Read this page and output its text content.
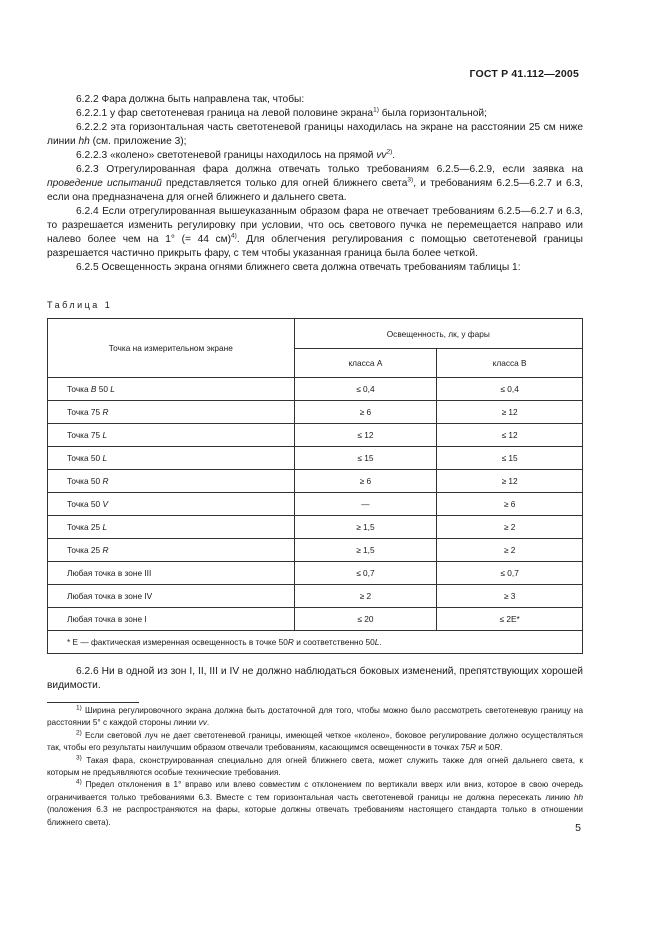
ГОСТ Р 41.112—2005

6.2.2 Фара должна быть направлена так, чтобы:

6.2.2.1 у фар светотеневая граница на левой половине экрана$^{1)}$ была горизонтальной;

6.2.2.2 эта горизонтальная часть светотеневой границы находилась на экране на расстоянии 25 см ниже линии hh (см. приложение 3);

6.2.2.3 «колено» светотеневой границы находилось на прямой $vv^{2)}$.

6.2.3 Отрегулированная фара должна отвечать только требованиям 6.2.5—6.2.9, если заявка на проведение испытаний представляется только для огней ближнего света$^{3)}$, и требованиям 6.2.5—6.2.7 и 6.3, если она предназначена для огней ближнего и дальнего света.

6.2.4 Если отрегулированная вышеуказанным образом фара не отвечает требованиям 6.2.5—6.2.7 и 6.3, то разрешается изменить регулировку при условии, что ось светового пучка не перемещается направо или налево более чем на 1° (= 44 см)$^{4)}$. Для облегчения регулирования с помощью светотеневой границы разрешается частично прикрыть фару, с тем чтобы указанная граница была более четкой.

6.2.5 Освещенность экрана огнями ближнего света должна отвечать требованиям таблицы 1:

Таблица 1
Точка на измерительном экране	Освещенность, лк, у фары	
	класса A	класса B
Точка B 50 L	≤ 0,4	≤ 0,4
Точка 75 R	≥ 6	≥ 12
Точка 75 L	≤ 12	≤ 12
Точка 50 L	≤ 15	≤ 15
Точка 50 R	≥ 6	≥ 12
Точка 50 V	—	≥ 6
Точка 25 L	≥ 1,5	≥ 2
Точка 25 R	≥ 1,5	≥ 2
Любая точка в зоне III	≤ 0,7	≤ 0,7
Любая точка в зоне IV	≥ 2	≥ 3
Любая точка в зоне I	≤ 20	≤ 2E*
* E — фактическая измеренная освещенность в точке 50R и соответственно 50L.		

6.2.6 Ни в одной из зон I, II, III и IV не должно наблюдаться боковых изменений, препятствующих хорошей видимости.

$^{1)}$ Ширина регулировочного экрана должна быть достаточной для того, чтобы можно было рассмотреть светотеневую границу на расстоянии 5° с каждой стороны линии vv.

$^{2)}$ Если световой луч не дает светотеневой границы, имеющей четкое «колено», боковое регулирование должно осуществляться так, чтобы его результаты наилучшим образом отвечали требованиям, касающимся освещенности в точках 75R и 50R.

$^{3)}$ Такая фара, сконструированная специально для огней ближнего света, может служить также для огней дальнего света, к которым не предъявляются особые технические требования.

$^{4)}$ Предел отклонения в 1° вправо или влево совместим с отклонением по вертикали вверх или вниз, которое в свою очередь ограничивается только требованиями 6.3. Вместе с тем горизонтальная часть светотеневой границы не должна пересекать линию hh (положения 6.3 не распространяются на фары, которые должны отвечать требованиям настоящего стандарта только в отношении ближнего света).	5
